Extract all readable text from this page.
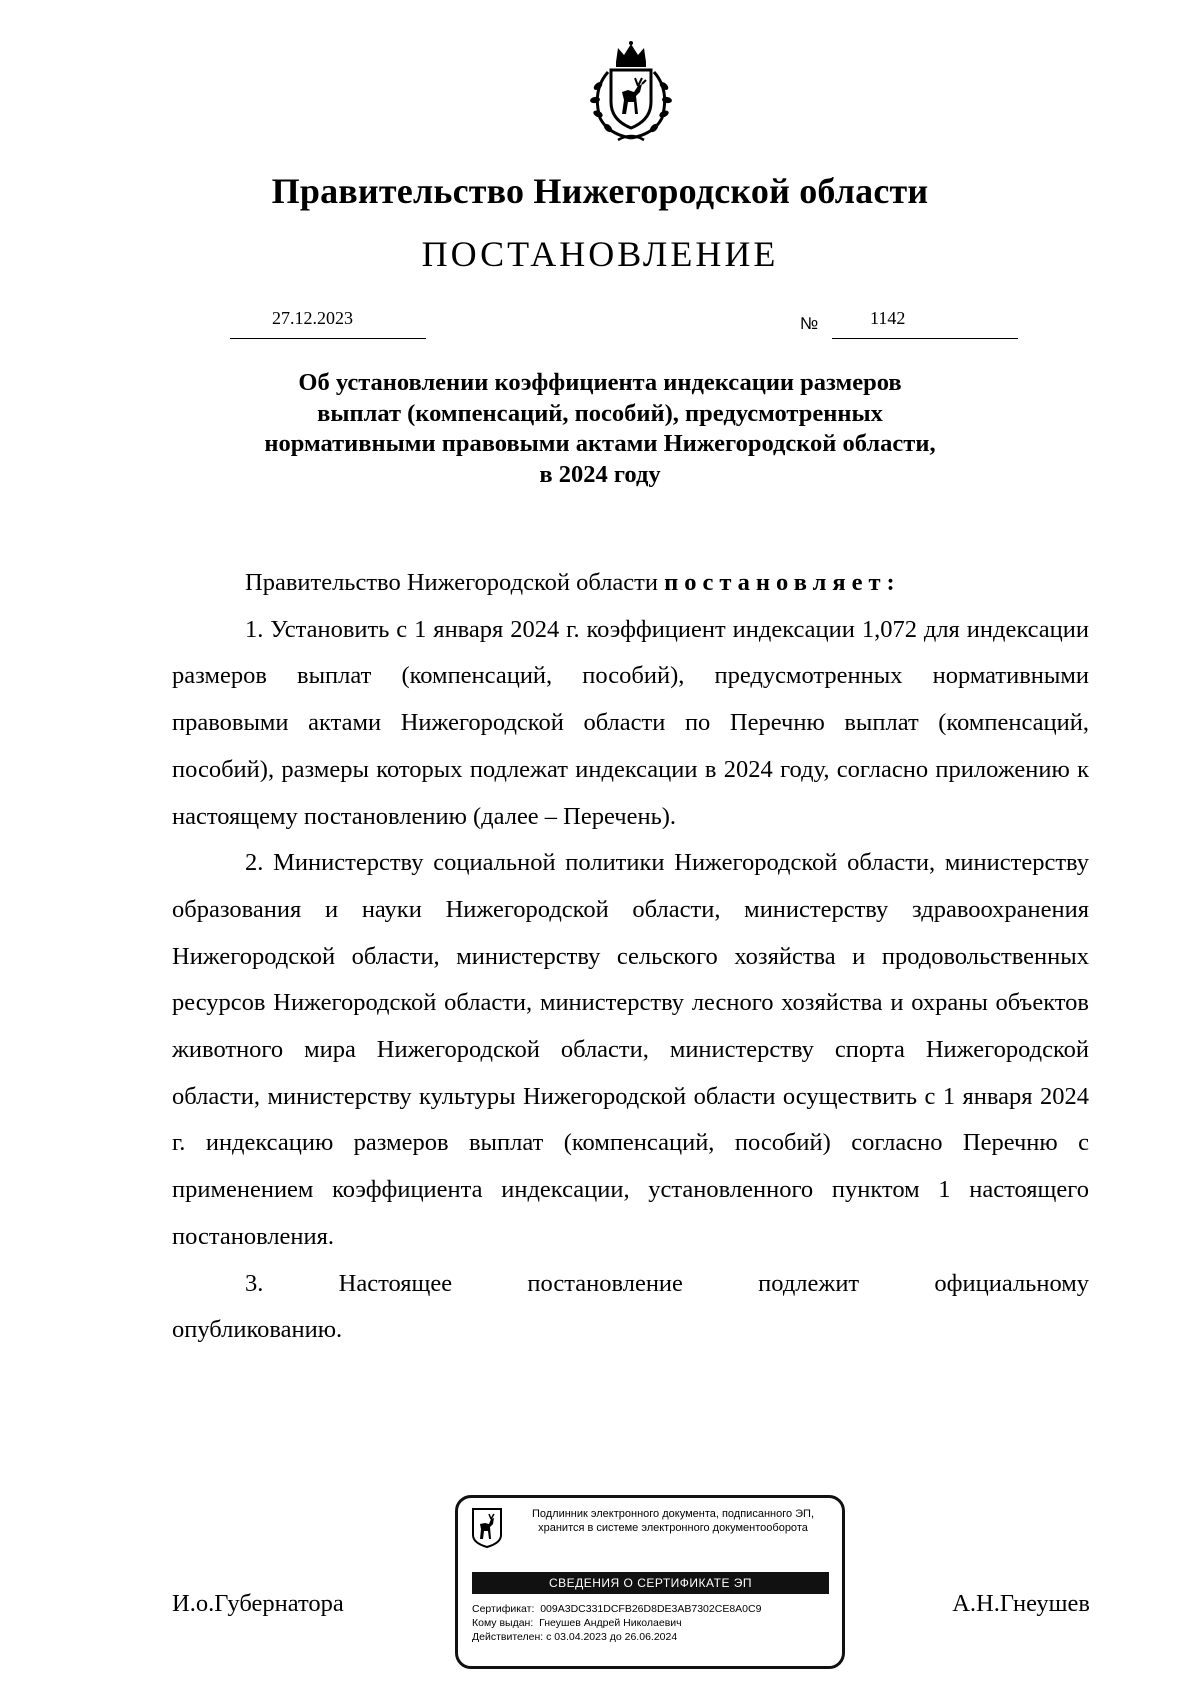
Правительство Нижегородской области
ПОСТАНОВЛЕНИЕ
27.12.2023	№	1142
Об установлении коэффициента индексации размеров
выплат (компенсаций, пособий), предусмотренных
нормативными правовыми актами Нижегородской области,
в 2024 году

Правительство Нижегородской области постановляет:

1. Установить с 1 января 2024 г. коэффициент индексации 1,072 для индексации размеров выплат (компенсаций, пособий), предусмотренных нормативными правовыми актами Нижегородской области по Перечню выплат (компенсаций, пособий), размеры которых подлежат индексации в 2024 году, согласно приложению к настоящему постановлению (далее – Перечень).

2. Министерству социальной политики Нижегородской области, министерству образования и науки Нижегородской области, министерству здравоохранения Нижегородской области, министерству сельского хозяйства и продовольственных ресурсов Нижегородской области, министерству лесного хозяйства и охраны объектов животного мира Нижегородской области, министерству спорта Нижегородской области, министерству культуры Нижегородской области осуществить с 1 января 2024 г. индексацию размеров выплат (компенсаций, пособий) согласно Перечню с применением коэффициента индексации, установленного пунктом 1 настоящего постановления.

3. Настоящее постановление подлежит официальному

опубликованию.

И.о.Губернатора	А.Н.Гнеушев
Подлинник электронного документа, подписанного ЭП,
хранится в системе электронного документооборота
СВЕДЕНИЯ О СЕРТИФИКАТЕ ЭП
Сертификат: 009A3DC331DCFB26D8DE3AB7302CE8A0C9
Кому выдан: Гнеушев Андрей Николаевич
Действителен: с 03.04.2023 до 26.06.2024
